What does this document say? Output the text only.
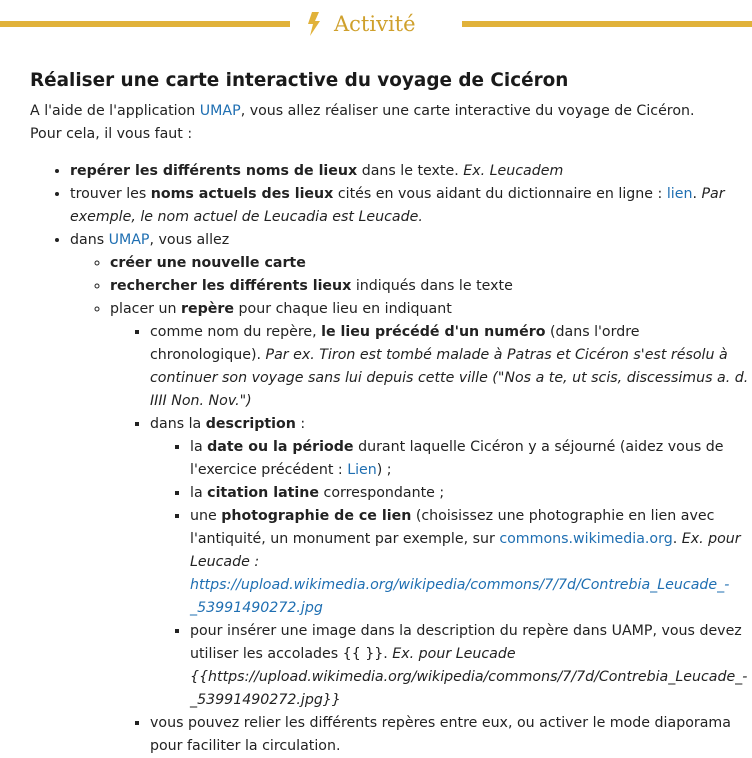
Activité
Réaliser une carte interactive du voyage de Cicéron

A l'aide de l'application UMAP, vous allez réaliser une carte interactive du voyage de Cicéron.
Pour cela, il vous faut :

• repérer les différents noms de lieux dans le texte. Ex. Leucadem
• trouver les noms actuels des lieux cités en vous aidant du dictionnaire en ligne : lien. Par exemple, le nom actuel de Leucadia est Leucade.
• dans UMAP, vous allez
◦ créer une nouvelle carte
◦ rechercher les différents lieux indiqués dans le texte
◦ placer un repère pour chaque lieu en indiquant
▪ comme nom du repère, le lieu précédé d'un numéro (dans l'ordre chronologique). Par ex. Tiron est tombé malade à Patras et Cicéron s'est résolu à continuer son voyage sans lui depuis cette ville ("Nos a te, ut scis, discessimus a. d. IIII Non. Nov.")
▪ dans la description :
▪ la date ou la période durant laquelle Cicéron y a séjourné (aidez vous de l'exercice précédent : Lien) ;
▪ la citation latine correspondante ;
▪ une photographie de ce lien (choisissez une photographie en lien avec l'antiquité, un monument par exemple, sur commons.wikimedia.org. Ex. pour Leucade : https://upload.wikimedia.org/wikipedia/commons/7/7d/Contrebia_Leucade_-_53991490272.jpg
▪ pour insérer une image dans la description du repère dans UAMP, vous devez utiliser les accolades {{ }}. Ex. pour Leucade {{https://upload.wikimedia.org/wikipedia/commons/7/7d/Contrebia_Leucade_-_53991490272.jpg}}
▪ vous pouvez relier les différents repères entre eux, ou activer le mode diaporama pour faciliter la circulation.
